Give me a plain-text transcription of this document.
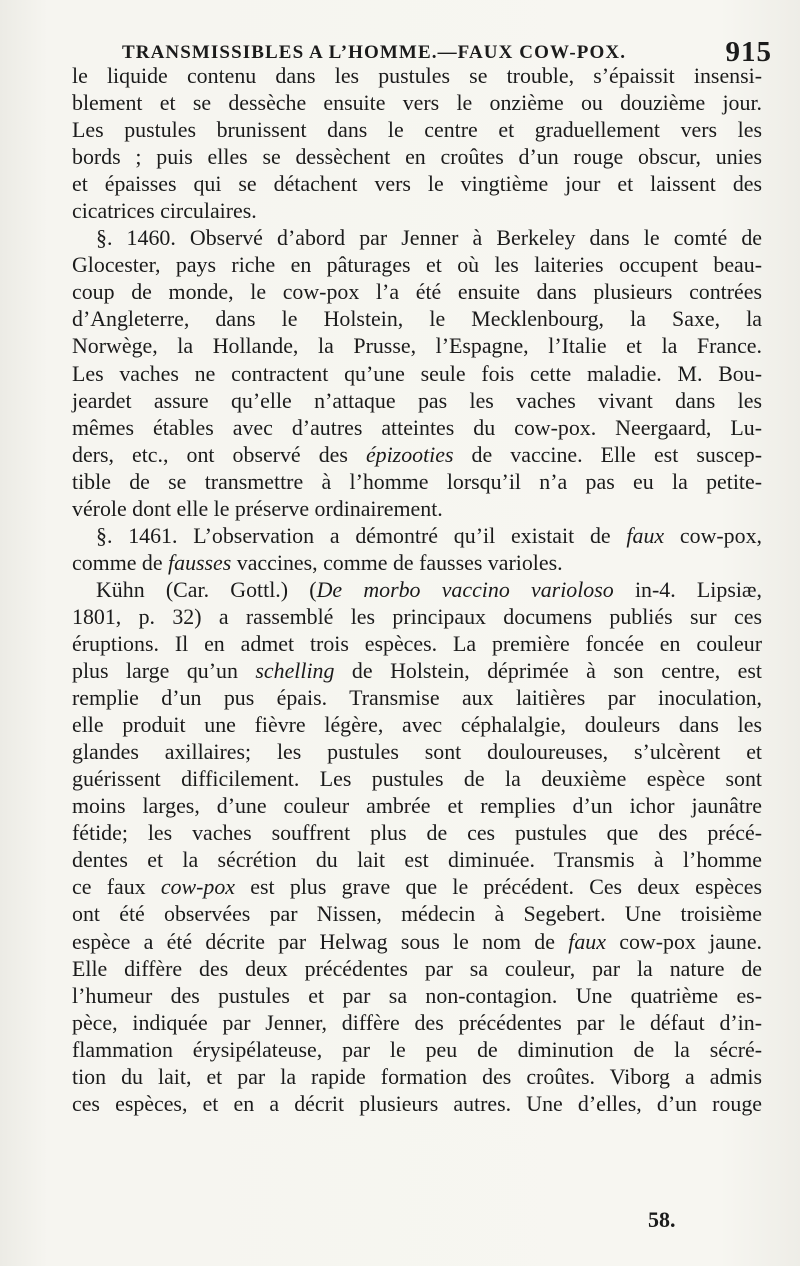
TRANSMISSIBLES A L’HOMME.—FAUX COW-POX.	915
le liquide contenu dans les pustules se trouble, s’épaissit insensi-
blement et se dessèche ensuite vers le onzième ou douzième jour.
Les pustules brunissent dans le centre et graduellement vers les
bords ; puis elles se dessèchent en croûtes d’un rouge obscur, unies
et épaisses qui se détachent vers le vingtième jour et laissent des
cicatrices circulaires.
§. 1460. Observé d’abord par Jenner à Berkeley dans le comté de
Glocester, pays riche en pâturages et où les laiteries occupent beau-
coup de monde, le cow-pox l’a été ensuite dans plusieurs contrées
d’Angleterre, dans le Holstein, le Mecklenbourg, la Saxe, la
Norwège, la Hollande, la Prusse, l’Espagne, l’Italie et la France.
Les vaches ne contractent qu’une seule fois cette maladie. M. Bou-
jeardet assure qu’elle n’attaque pas les vaches vivant dans les
mêmes étables avec d’autres atteintes du cow-pox. Neergaard, Lu-
ders, etc., ont observé des épizooties de vaccine. Elle est suscep-
tible de se transmettre à l’homme lorsqu’il n’a pas eu la petite-
vérole dont elle le préserve ordinairement.
§. 1461. L’observation a démontré qu’il existait de faux cow-pox,
comme de fausses vaccines, comme de fausses varioles.
Kühn (Car. Gottl.) (De morbo vaccino varioloso in-4. Lipsiæ,
1801, p. 32) a rassemblé les principaux documens publiés sur ces
éruptions. Il en admet trois espèces. La première foncée en couleur
plus large qu’un schelling de Holstein, déprimée à son centre, est
remplie d’un pus épais. Transmise aux laitières par inoculation,
elle produit une fièvre légère, avec céphalalgie, douleurs dans les
glandes axillaires; les pustules sont douloureuses, s’ulcèrent et
guérissent difficilement. Les pustules de la deuxième espèce sont
moins larges, d’une couleur ambrée et remplies d’un ichor jaunâtre
fétide; les vaches souffrent plus de ces pustules que des précé-
dentes et la sécrétion du lait est diminuée. Transmis à l’homme
ce faux cow-pox est plus grave que le précédent. Ces deux espèces
ont été observées par Nissen, médecin à Segebert. Une troisième
espèce a été décrite par Helwag sous le nom de faux cow-pox jaune.
Elle diffère des deux précédentes par sa couleur, par la nature de
l’humeur des pustules et par sa non-contagion. Une quatrième es-
pèce, indiquée par Jenner, diffère des précédentes par le défaut d’in-
flammation érysipélateuse, par le peu de diminution de la sécré-
tion du lait, et par la rapide formation des croûtes. Viborg a admis
ces espèces, et en a décrit plusieurs autres. Une d’elles, d’un rouge
58.
